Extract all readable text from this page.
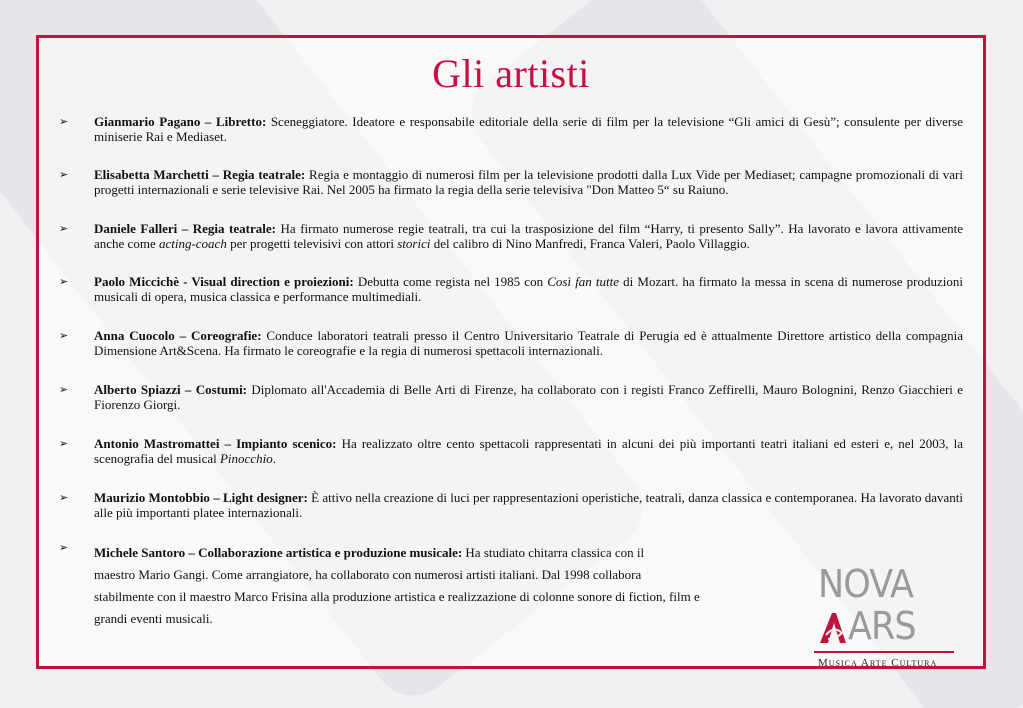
Gli artisti
➢ Gianmario Pagano – Libretto: Sceneggiatore. Ideatore e responsabile editoriale della serie di film per la televisione “Gli amici di Gesù”; consulente per diverse miniserie Rai e Mediaset.
➢ Elisabetta Marchetti – Regia teatrale: Regia e montaggio di numerosi film per la televisione prodotti dalla Lux Vide per Mediaset; campagne promozionali di vari progetti internazionali e serie televisive Rai. Nel 2005 ha firmato la regia della serie televisiva "Don Matteo 5“ su Raiuno.
➢ Daniele Falleri – Regia teatrale: Ha firmato numerose regie teatrali, tra cui la trasposizione del film “Harry, ti presento Sally”. Ha lavorato e lavora attivamente anche come acting-coach per progetti televisivi con attori storici del calibro di Nino Manfredi, Franca Valeri, Paolo Villaggio.
➢ Paolo Miccichè - Visual direction e proiezioni: Debutta come regista nel 1985 con Così fan tutte di Mozart. ha firmato la messa in scena di numerose produzioni musicali di opera, musica classica e performance multimediali.
➢ Anna Cuocolo – Coreografie: Conduce laboratori teatrali presso il Centro Universitario Teatrale di Perugia ed è attualmente Direttore artistico della compagnia Dimensione Art&Scena. Ha firmato le coreografie e la regia di numerosi spettacoli internazionali.
➢ Alberto Spiazzi – Costumi: Diplomato all'Accademia di Belle Arti di Firenze, ha collaborato con i registi Franco Zeffirelli, Mauro Bolognini, Renzo Giacchieri e Fiorenzo Giorgi.
➢ Antonio Mastromattei – Impianto scenico: Ha realizzato oltre cento spettacoli rappresentati in alcuni dei più importanti teatri italiani ed esteri e, nel 2003, la scenografia del musical Pinocchio.
➢ Maurizio Montobbio – Light designer: È attivo nella creazione di luci per rappresentazioni operistiche, teatrali, danza classica e contemporanea. Ha lavorato davanti alle più importanti platee internazionali.
➢ Michele Santoro – Collaborazione artistica e produzione musicale: Ha studiato chitarra classica con il
maestro Mario Gangi. Come arrangiatore, ha collaborato con numerosi artisti italiani. Dal 1998 collabora
stabilmente con il maestro Marco Frisina alla produzione artistica e realizzazione di colonne sonore di fiction, film e
grandi eventi musicali.
NOVA
ARS
Musica Arte Cultura
